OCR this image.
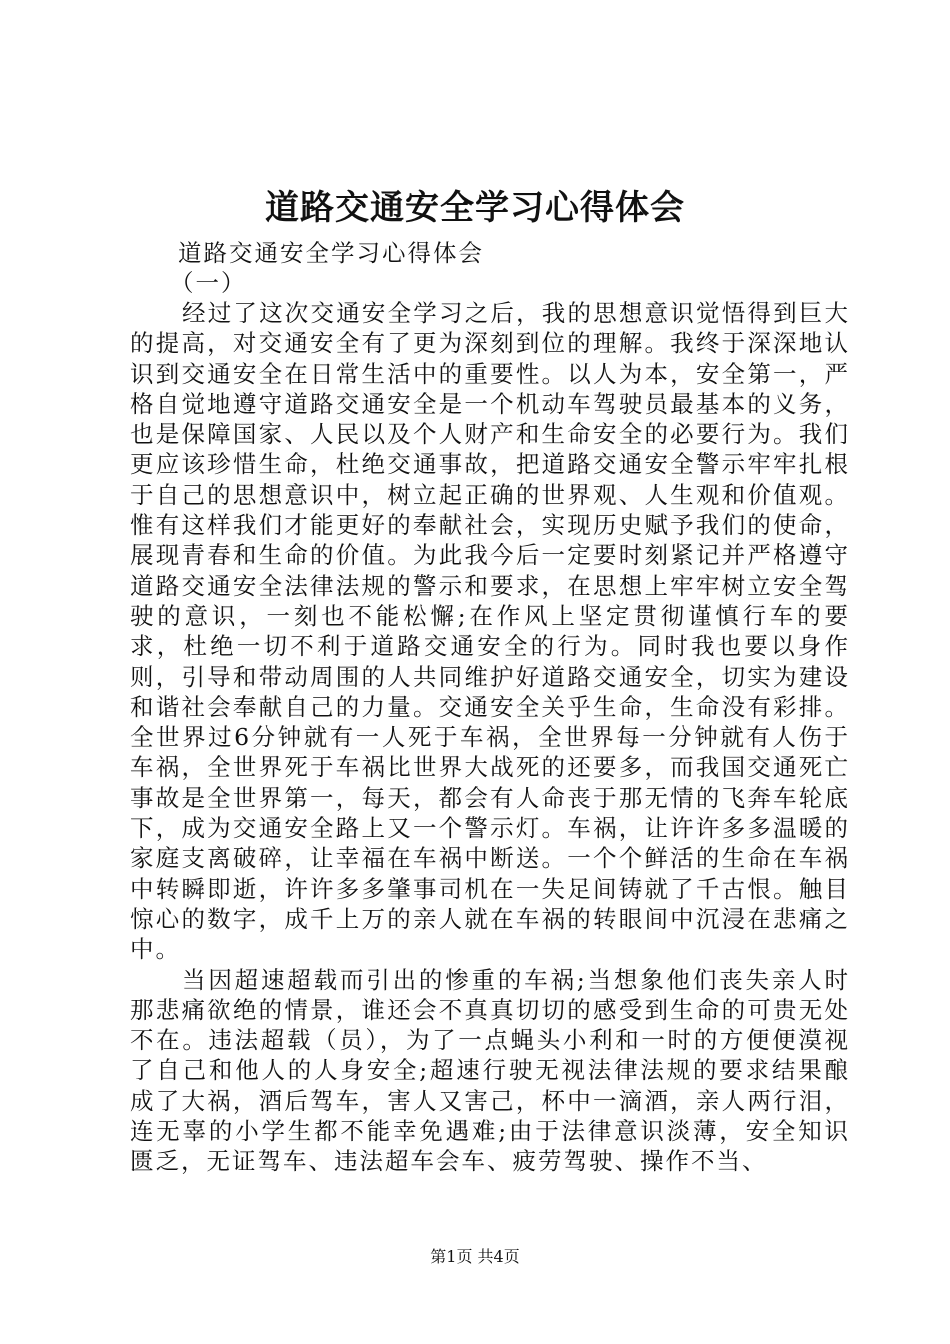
道路交通安全学习心得体会

道路交通安全学习心得体会

（一）

经过了这次交通安全学习之后，我的思想意识觉悟得到巨大的提高，对交通安全有了更为深刻到位的理解。我终于深深地认识到交通安全在日常生活中的重要性。以人为本，安全第一，严格自觉地遵守道路交通安全是一个机动车驾驶员最基本的义务，也是保障国家、人民以及个人财产和生命安全的必要行为。我们更应该珍惜生命，杜绝交通事故，把道路交通安全警示牢牢扎根于自己的思想意识中，树立起正确的世界观、人生观和价值观。惟有这样我们才能更好的奉献社会，实现历史赋予我们的使命，展现青春和生命的价值。为此我今后一定要时刻紧记并严格遵守道路交通安全法律法规的警示和要求，在思想上牢牢树立安全驾驶的意识，一刻也不能松懈;在作风上坚定贯彻谨慎行车的要求，杜绝一切不利于道路交通安全的行为。同时我也要以身作则，引导和带动周围的人共同维护好道路交通安全，切实为建设和谐社会奉献自己的力量。交通安全关乎生命，生命没有彩排。全世界过6分钟就有一人死于车祸，全世界每一分钟就有人伤于车祸，全世界死于车祸比世界大战死的还要多，而我国交通死亡事故是全世界第一，每天，都会有人命丧于那无情的飞奔车轮底下，成为交通安全路上又一个警示灯。车祸，让许许多多温暖的家庭支离破碎，让幸福在车祸中断送。一个个鲜活的生命在车祸中转瞬即逝，许许多多肇事司机在一失足间铸就了千古恨。触目惊心的数字，成千上万的亲人就在车祸的转眼间中沉浸在悲痛之中。

当因超速超载而引出的惨重的车祸;当想象他们丧失亲人时那悲痛欲绝的情景，谁还会不真真切切的感受到生命的可贵无处不在。违法超载（员），为了一点蝇头小利和一时的方便便漠视了自己和他人的人身安全;超速行驶无视法律法规的要求结果酿成了大祸，酒后驾车，害人又害己，杯中一滴酒，亲人两行泪，连无辜的小学生都不能幸免遇难;由于法律意识淡薄，安全知识匮乏，无证驾车、违法超车会车、疲劳驾驶、操作不当、

第1页 共4页
